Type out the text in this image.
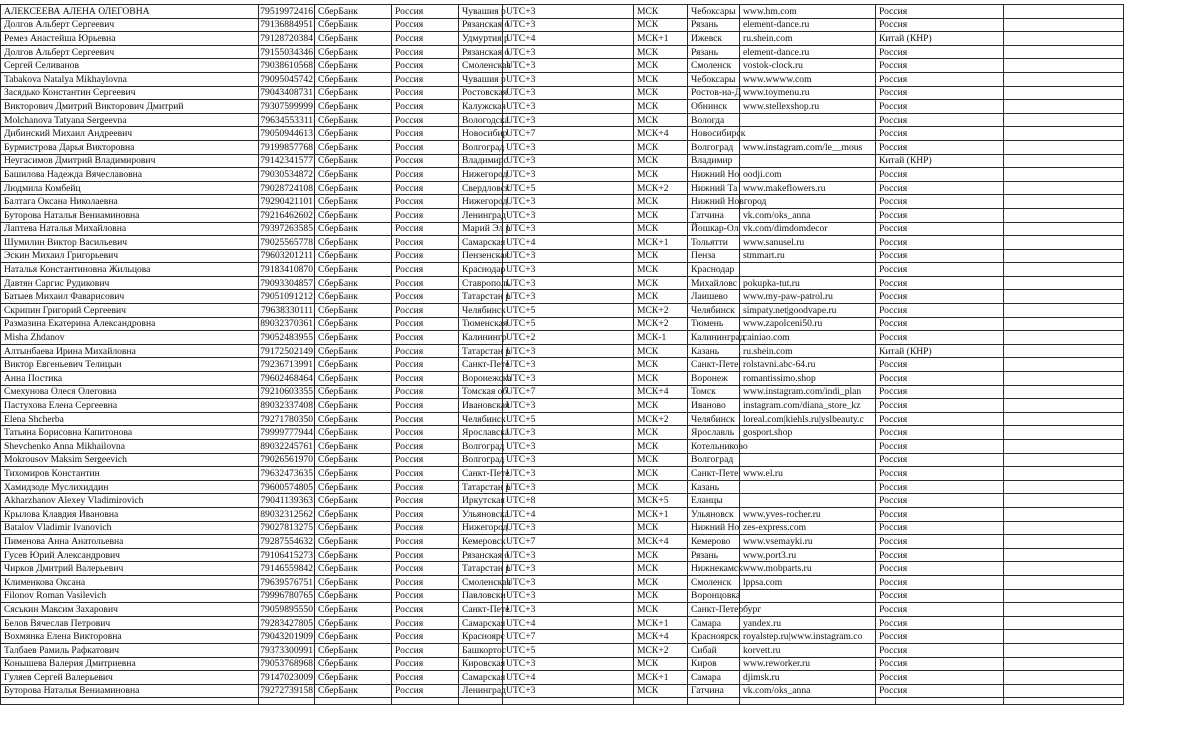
АЛЕКСЕЕВА АЛЕНА ОЛЕГОВНА	79519972416	СберБанк	Россия	Чувашия р	UTC+3	МСК	Чебоксары	www.hm.com	Россия	
Долгов Альберт Сергеевич	79136884951	СберБанк	Россия	Рязанская о	UTC+3	МСК	Рязань	element-dance.ru	Россия	
Ремез Анастейша Юрьевна	79128720384	СберБанк	Россия	Удмуртия р	UTC+4	МСК+1	Ижевск	ru.shein.com	Китай (КНР)	
Долгов Альберт Сергеевич	79155034346	СберБанк	Россия	Рязанская о	UTC+3	МСК	Рязань	element-dance.ru	Россия	
Сергей Селиванов	79038610568	СберБанк	Россия	Смоленская	UTC+3	МСК	Смоленск	vostok-clock.ru	Россия	
Tabakova Natalya Mikhaylovna	79095045742	СберБанк	Россия	Чувашия р	UTC+3	МСК	Чебоксары	www.wwww.com	Россия	
Засядько Константин Сергеевич	79043408731	СберБанк	Россия	Ростовская	UTC+3	МСК	Ростов-на-Д	www.toymenu.ru	Россия	
Викторович Дмитрий Викторович Дмитрий	79307599999	СберБанк	Россия	Калужская	UTC+3	МСК	Обнинск	www.stellexshop.ru	Россия	
Molchanova Tatyana Sergeevna	79634553311	СберБанк	Россия	Вологодска	UTC+3	МСК	Вологда		Россия	
Дибинский Михаил Андреевич	79050944613	СберБанк	Россия	Новосибир	UTC+7	МСК+4	Новосибирск		Россия	
Бурмистрова Дарья Викторовна	79199857768	СберБанк	Россия	Волгоград	UTC+3	МСК	Волгоград	www.instagram.com/le__mous	Россия	
Неугасимов Дмитрий Владимирович	79142341577	СберБанк	Россия	Владимирс	UTC+3	МСК	Владимир		Китай (КНР)	
Башилова Надежда Вячеславовна	79030534872	СберБанк	Россия	Нижегород	UTC+3	МСК	Нижний Но	oodji.com	Россия	
Людмила Комбейц	79028724108	СберБанк	Россия	Свердловск	UTC+5	МСК+2	Нижний Та	www.makeflowers.ru	Россия	
Балтага Оксана Николаевна	79290421101	СберБанк	Россия	Нижегород	UTC+3	МСК	Нижний Новгород		Россия	
Буторова Наталья Вениаминовна	79216462602	СберБанк	Россия	Ленинград	UTC+3	МСК	Гатчина	vk.com/oks_anna	Россия	
Лаптева Наталья Михайловна	79397263585	СберБанк	Россия	Марий Эл р	UTC+3	МСК	Йошкар-Ол	vk.com/dimdomdecor	Россия	
Шумилин Виктор Васильевич	79025565778	СберБанк	Россия	Самарская	UTC+4	МСК+1	Тольятти	www.sanusel.ru	Россия	
Эскин Михаил Григорьевич	79603201211	СберБанк	Россия	Пензенская	UTC+3	МСК	Пенза	stmmart.ru	Россия	
Наталья Константиновна Жильцова	79183410870	СберБанк	Россия	Краснодар	UTC+3	МСК	Краснодар		Россия	
Давтян Саргис Рудикович	79093304857	СберБанк	Россия	Ставрополь	UTC+3	МСК	Михайловс	pokupka-tut.ru	Россия	
Батыев Михаил Фаварисович	79051091212	СберБанк	Россия	Татарстан р	UTC+3	МСК	Лаишево	www.my-paw-patrol.ru	Россия	
Скрипин Григорий Сергеевич	79638330111	СберБанк	Россия	Челябинск	UTC+5	МСК+2	Челябинск	simpaty.net|goodvape.ru	Россия	
Размазина Екатерина Александровна	89032370361	СберБанк	Россия	Тюменская	UTC+5	МСК+2	Тюмень	www.zapolceni50.ru	Россия	
Misha Zhdanov	79052483955	СберБанк	Россия	Калинингр	UTC+2	МСК-1	Калининград	cainiao.com	Россия	
Алтынбаева Ирина Михайловна	79172502149	СберБанк	Россия	Татарстан р	UTC+3	МСК	Казань	ru.shein.com	Китай (КНР)	
Виктор Евгеньевич Телицын	79236713991	СберБанк	Россия	Санкт-Пете	UTC+3	МСК	Санкт-Пете	rolstavni.abc-64.ru	Россия	
Анна Постика	79602468464	СберБанк	Россия	Воронежска	UTC+3	МСК	Воронеж	romantissimo.shop	Россия	
Смехунова Олеся Олеговна	79210603355	СберБанк	Россия	Томская об	UTC+7	МСК+4	Томск	www.instagram.com/indi_plan	Россия	
Пастухова Елена Сергеевна	89032337408	СберБанк	Россия	Ивановская	UTC+3	МСК	Иваново	instagram.com/diana_store_kz	Россия	
Elena Shcherba	79271780350	СберБанк	Россия	Челябинск	UTC+5	МСК+2	Челябинск	loreal.com|kiehls.ru|yslbeauty.c	Россия	
Татьяна Борисовна Капитонова	79999777944	СберБанк	Россия	Ярославска	UTC+3	МСК	Ярославль	gosport.shop	Россия	
Shevchenko Anna Mikhailovna	89032245761	СберБанк	Россия	Волгоград	UTC+3	МСК	Котельниково		Россия	
Mokrousov Maksim Sergeevich	79026561970	СберБанк	Россия	Волгоград	UTC+3	МСК	Волгоград		Россия	
Тихомиров Константин	79632473635	СберБанк	Россия	Санкт-Пете	UTC+3	МСК	Санкт-Пете	www.el.ru	Россия	
Хамидзоде Муслихиддин	79600574805	СберБанк	Россия	Татарстан р	UTC+3	МСК	Казань		Россия	
Akharzhanov Alexey Vladimirovich	79041139363	СберБанк	Россия	Иркутская	UTC+8	МСК+5	Еланцы		Россия	
Крылова Клавдия Ивановна	89032312562	СберБанк	Россия	Ульяновска	UTC+4	МСК+1	Ульяновск	www.yves-rocher.ru	Россия	
Batalov Vladimir Ivanovich	79027813275	СберБанк	Россия	Нижегород	UTC+3	МСК	Нижний Но	zes-express.com	Россия	
Пименова Анна Анатольевна	79287554632	СберБанк	Россия	Кемеровск	UTC+7	МСК+4	Кемерово	www.vsemayki.ru	Россия	
Гусев Юрий Александрович	79106415273	СберБанк	Россия	Рязанская о	UTC+3	МСК	Рязань	www.port3.ru	Россия	
Чирков Дмитрий Валерьевич	79146559842	СберБанк	Россия	Татарстан р	UTC+3	МСК	Нижнекамск	www.mobparts.ru	Россия	
Клименкова Оксана	79639576751	СберБанк	Россия	Смоленская	UTC+3	МСК	Смоленск	lppsa.com	Россия	
Filonov Roman Vasilevich	79996780765	СберБанк	Россия	Павловски	UTC+3	МСК	Воронцовка		Россия	
Сяськин Максим Захарович	79059895550	СберБанк	Россия	Санкт-Пете	UTC+3	МСК	Санкт-Петербург		Россия	
Белов Вячеслав Петрович	79283427805	СберБанк	Россия	Самарская	UTC+4	МСК+1	Самара	yandex.ru	Россия	
Вохмянка Елена Викторовна	79043201909	СберБанк	Россия	Красноярс	UTC+7	МСК+4	Красноярск	royalstep.ru|www.instagram.co	Россия	
Талбаев Рамиль Рафкатович	79373300991	СберБанк	Россия	Башкортос	UTC+5	МСК+2	Сибай	korvett.ru	Россия	
Конышева Валерия Дмитриевна	79053768968	СберБанк	Россия	Кировская	UTC+3	МСК	Киров	www.reworker.ru	Россия	
Гуляев Сергей Валерьевич	79147023009	СберБанк	Россия	Самарская	UTC+4	МСК+1	Самара	djimsk.ru	Россия	
Буторова Наталья Вениаминовна	79272739158	СберБанк	Россия	Ленинград	UTC+3	МСК	Гатчина	vk.com/oks_anna	Россия	
